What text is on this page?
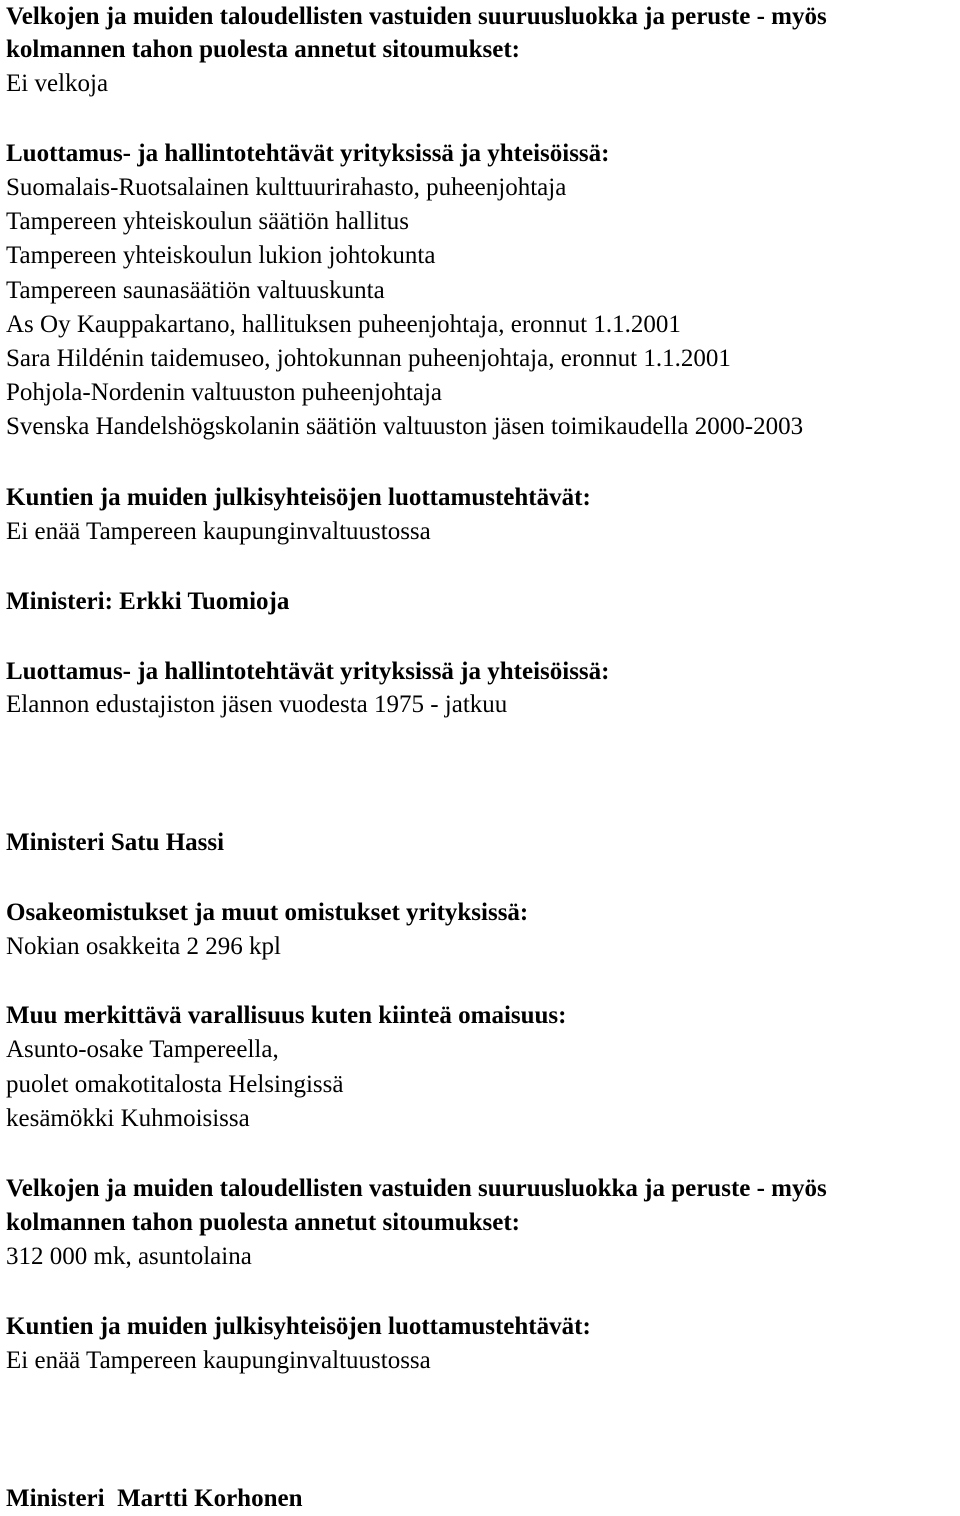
Velkojen ja muiden taloudellisten vastuiden suuruusluokka ja peruste - myös
kolmannen tahon puolesta annetut sitoumukset:
Ei velkoja
Luottamus- ja hallintotehtävät yrityksissä ja yhteisöissä:
Suomalais-Ruotsalainen kulttuurirahasto, puheenjohtaja
Tampereen yhteiskoulun säätiön hallitus
Tampereen yhteiskoulun lukion johtokunta
Tampereen saunasäätiön valtuuskunta
As Oy Kauppakartano, hallituksen puheenjohtaja, eronnut 1.1.2001
Sara Hildénin taidemuseo, johtokunnan puheenjohtaja, eronnut 1.1.2001
Pohjola-Nordenin valtuuston puheenjohtaja
Svenska Handelshögskolanin säätiön valtuuston jäsen toimikaudella 2000-2003
Kuntien ja muiden julkisyhteisöjen luottamustehtävät:
Ei enää Tampereen kaupunginvaltuustossa
Ministeri: Erkki Tuomioja
Luottamus- ja hallintotehtävät yrityksissä ja yhteisöissä:
Elannon edustajiston jäsen vuodesta 1975 - jatkuu
Ministeri Satu Hassi
Osakeomistukset ja muut omistukset yrityksissä:
Nokian osakkeita 2 296 kpl
Muu merkittävä varallisuus kuten kiinteä omaisuus:
Asunto-osake Tampereella,
puolet omakotitalosta Helsingissä
kesämökki Kuhmoisissa
Velkojen ja muiden taloudellisten vastuiden suuruusluokka ja peruste - myös
kolmannen tahon puolesta annetut sitoumukset:
312 000 mk, asuntolaina
Kuntien ja muiden julkisyhteisöjen luottamustehtävät:
Ei enää Tampereen kaupunginvaltuustossa
Ministeri  Martti Korhonen
